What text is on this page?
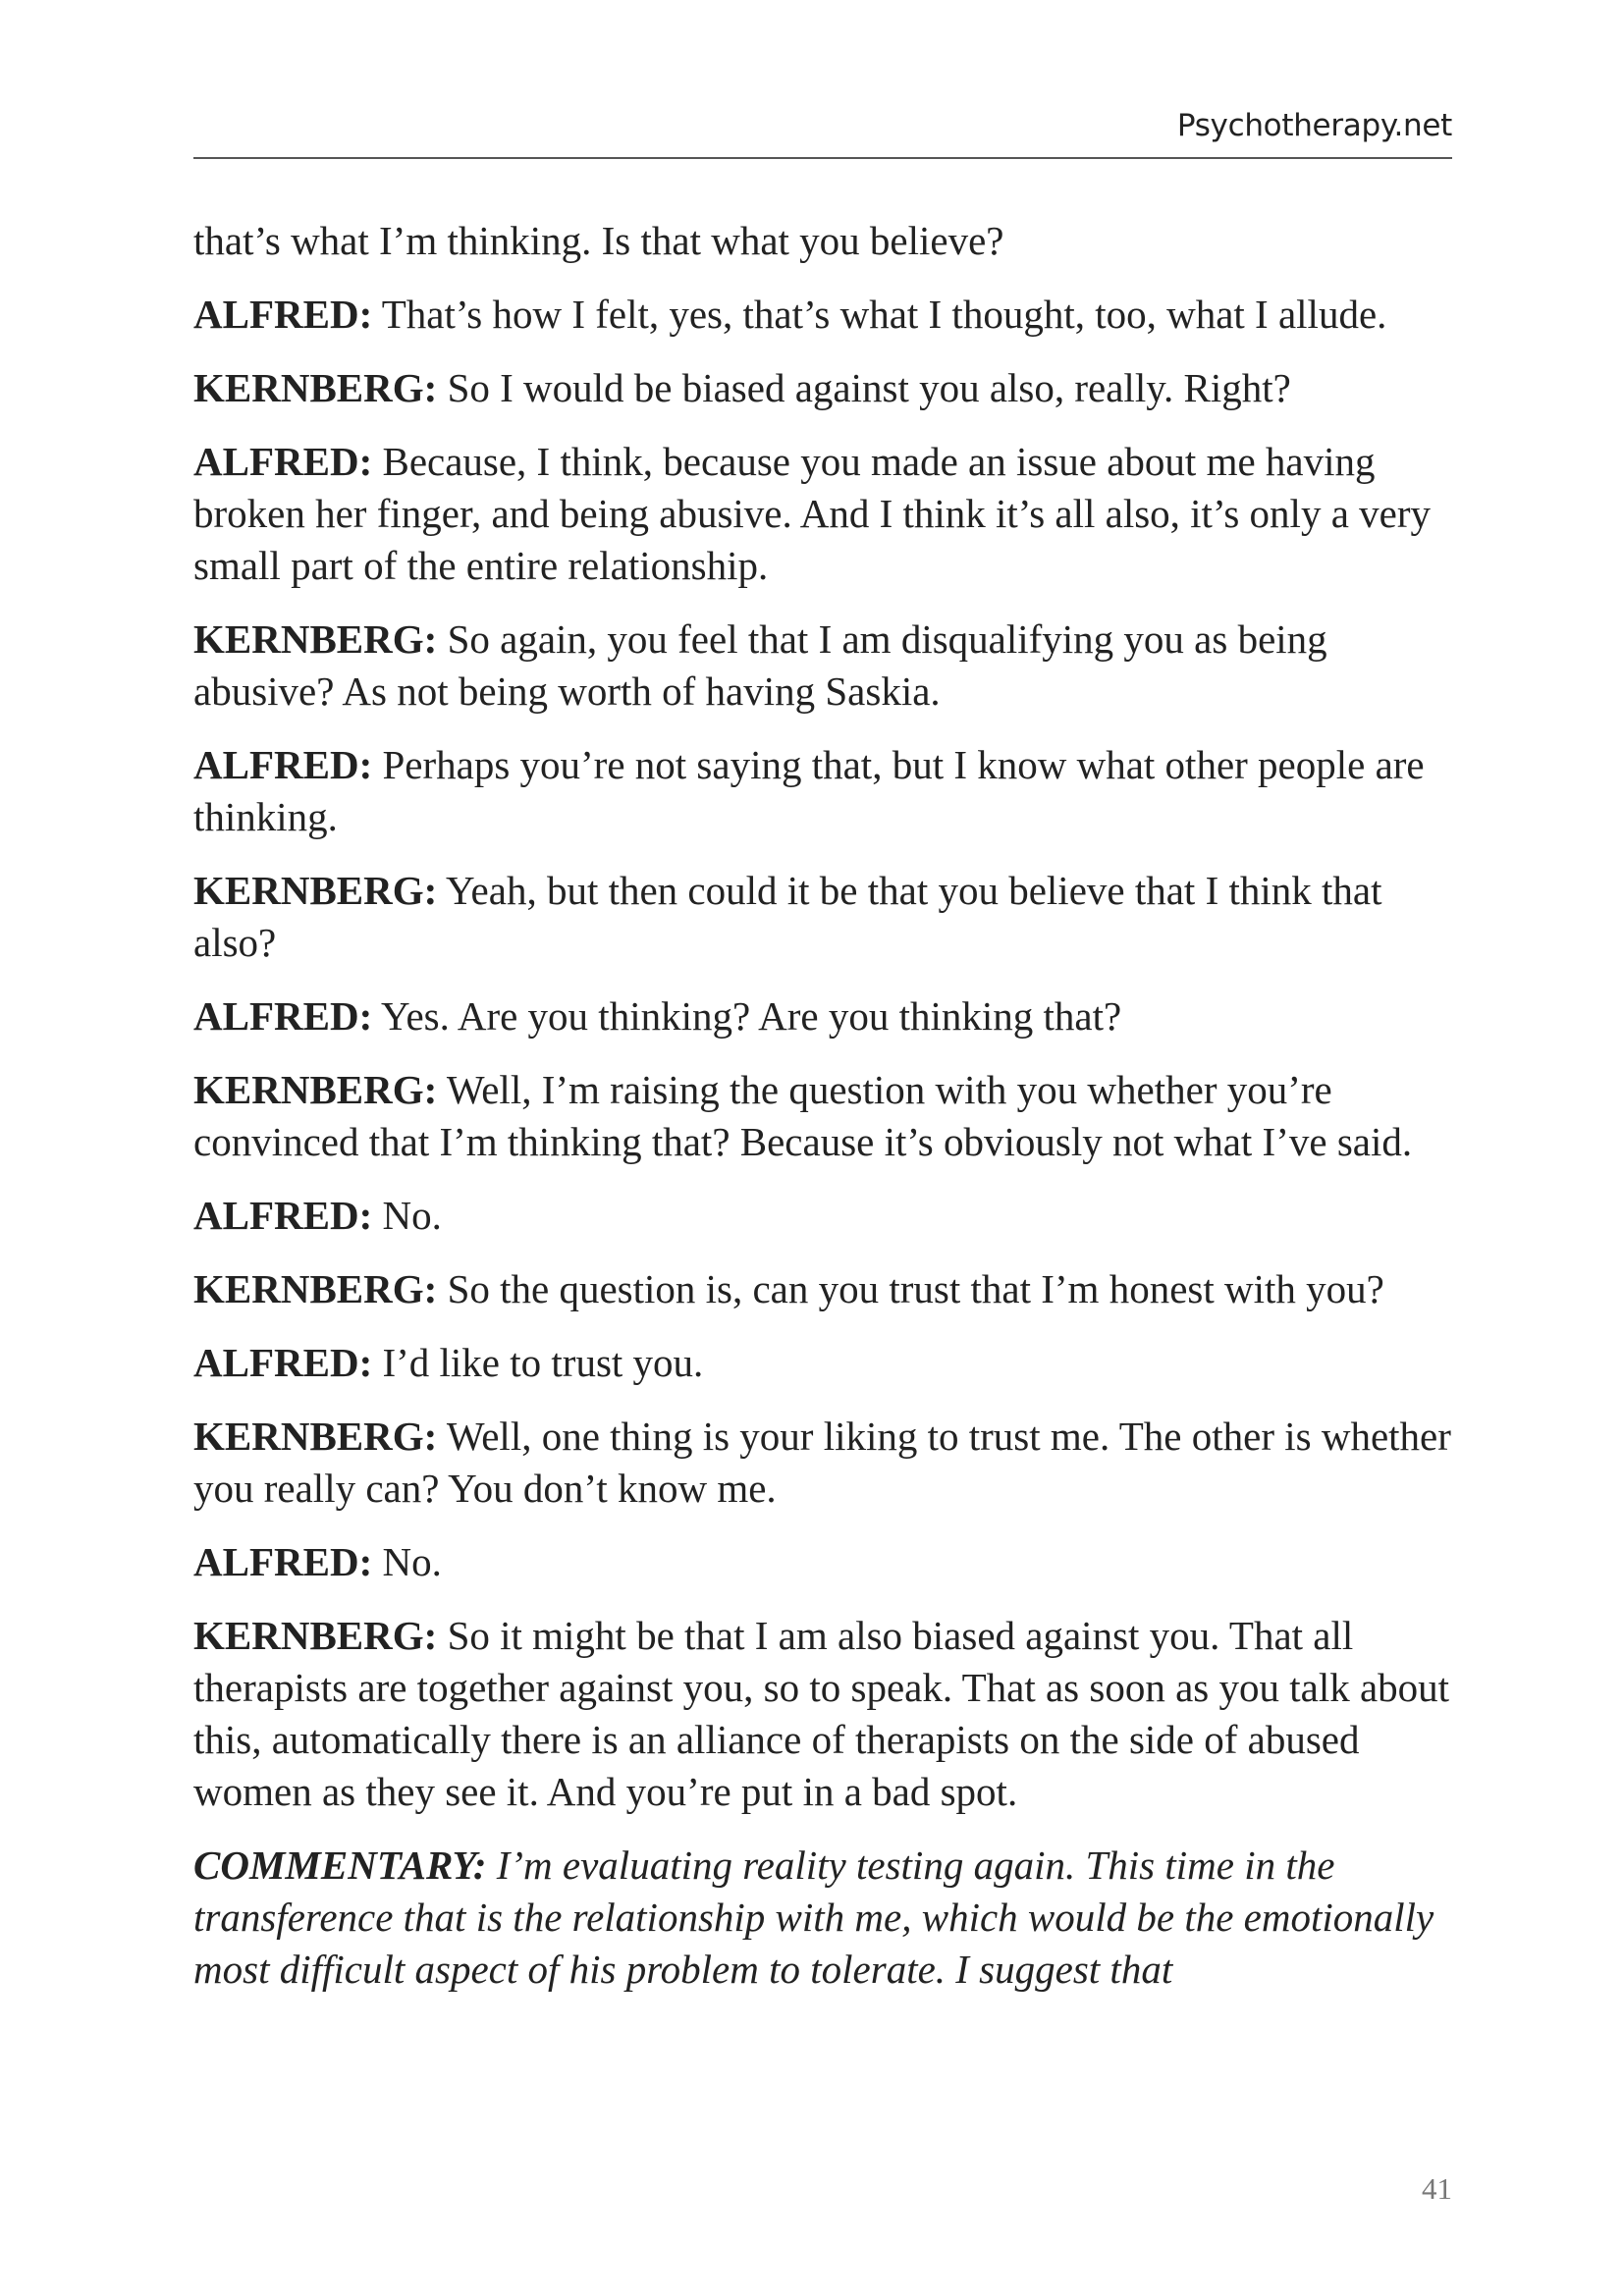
Psychotherapy.net

that’s what I’m thinking. Is that what you believe?

ALFRED: That’s how I felt, yes, that’s what I thought, too, what I allude.

KERNBERG: So I would be biased against you also, really. Right?

ALFRED: Because, I think, because you made an issue about me having broken her finger, and being abusive. And I think it’s all also, it’s only a very small part of the entire relationship.

KERNBERG: So again, you feel that I am disqualifying you as being abusive? As not being worth of having Saskia.

ALFRED: Perhaps you’re not saying that, but I know what other people are thinking.

KERNBERG: Yeah, but then could it be that you believe that I think that also?

ALFRED: Yes. Are you thinking? Are you thinking that?

KERNBERG: Well, I’m raising the question with you whether you’re convinced that I’m thinking that? Because it’s obviously not what I’ve said.

ALFRED: No.

KERNBERG: So the question is, can you trust that I’m honest with you?

ALFRED: I’d like to trust you.

KERNBERG: Well, one thing is your liking to trust me. The other is whether you really can? You don’t know me.

ALFRED: No.

KERNBERG: So it might be that I am also biased against you. That all therapists are together against you, so to speak. That as soon as you talk about this, automatically there is an alliance of therapists on the side of abused women as they see it. And you’re put in a bad spot.

COMMENTARY: I’m evaluating reality testing again. This time in the transference that is the relationship with me, which would be the emotionally most difficult aspect of his problem to tolerate. I suggest that

41
